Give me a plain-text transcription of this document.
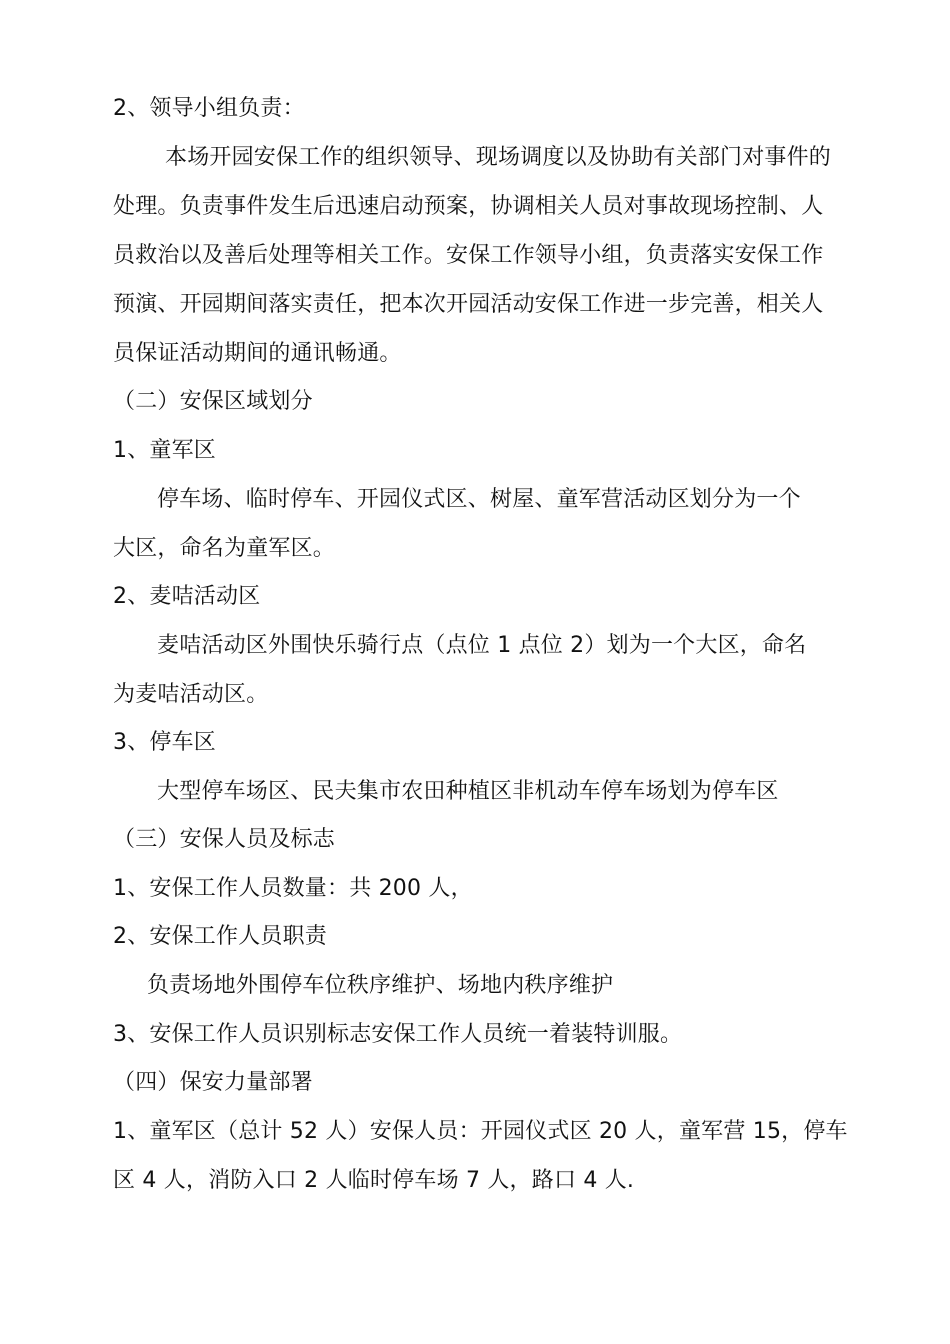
2、领导小组负责：
本场开园安保工作的组织领导、现场调度以及协助有关部门对事件的
处理。负责事件发生后迅速启动预案，协调相关人员对事故现场控制、人
员救治以及善后处理等相关工作。安保工作领导小组，负责落实安保工作
预演、开园期间落实责任，把本次开园活动安保工作进一步完善，相关人
员保证活动期间的通讯畅通。
（二）安保区域划分
1、童军区
停车场、临时停车、开园仪式区、树屋、童军营活动区划分为一个
大区，命名为童军区。
2、麦咭活动区
麦咭活动区外围快乐骑行点（点位 1 点位 2）划为一个大区，命名
为麦咭活动区。
3、停车区
大型停车场区、民夫集市农田种植区非机动车停车场划为停车区
（三）安保人员及标志
1、安保工作人员数量：共 200 人，
2、安保工作人员职责
负责场地外围停车位秩序维护、场地内秩序维护
3、安保工作人员识别标志安保工作人员统一着装特训服。
（四）保安力量部署
1、童军区（总计 52 人）安保人员：开园仪式区 20 人，童军营 15，停车
区 4 人，消防入口 2 人临时停车场 7 人，路口 4 人.
